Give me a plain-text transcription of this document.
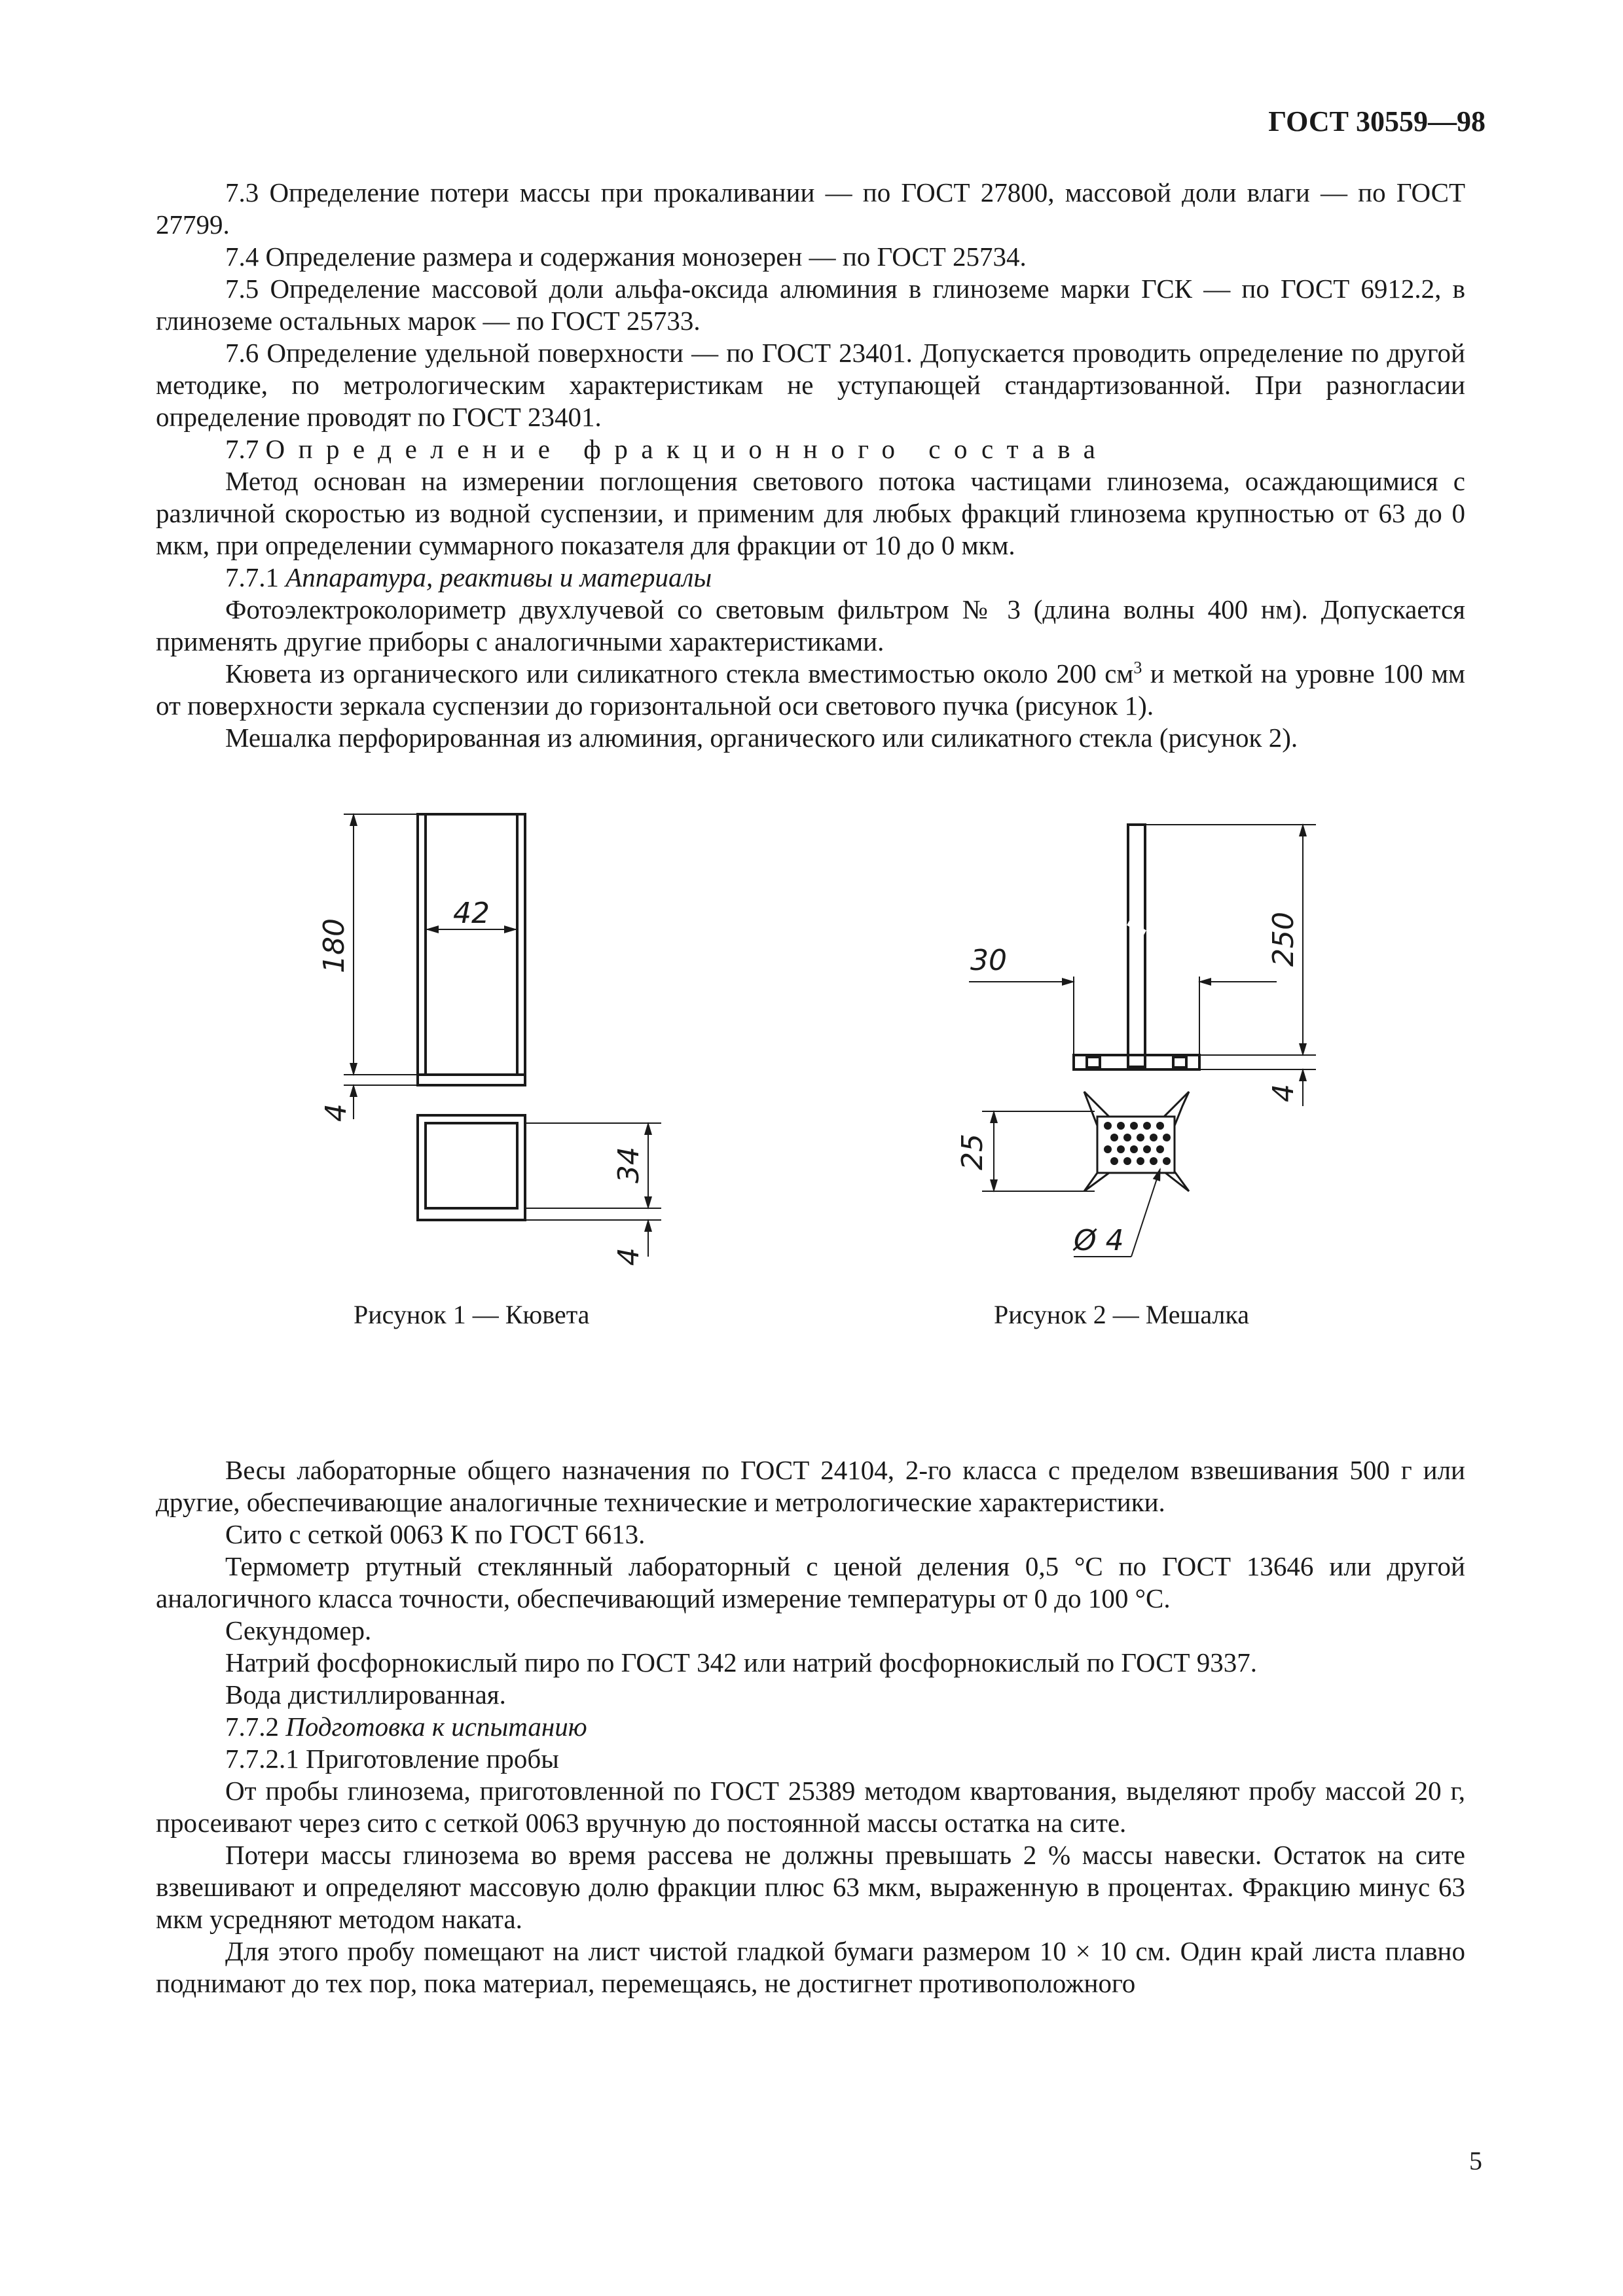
ГОСТ 30559—98

7.3 Определение потери массы при прокаливании — по ГОСТ 27800, массовой доли влаги — по ГОСТ 27799.

7.4 Определение размера и содержания монозерен — по ГОСТ 25734.

7.5 Определение массовой доли альфа-оксида алюминия в глиноземе марки ГСК — по ГОСТ 6912.2, в глиноземе остальных марок — по ГОСТ 25733.

7.6 Определение удельной поверхности — по ГОСТ 23401. Допускается проводить определение по другой методике, по метрологическим характеристикам не уступающей стандартизованной. При разногласии определение проводят по ГОСТ 23401.

7.7 Определение фракционного состава

Метод основан на измерении поглощения светового потока частицами глинозема, осаждающимися с различной скоростью из водной суспензии, и применим для любых фракций глинозема крупностью от 63 до 0 мкм, при определении суммарного показателя для фракции от 10 до 0 мкм.

7.7.1 Аппаратура, реактивы и материалы

Фотоэлектроколориметр двухлучевой со световым фильтром № 3 (длина волны 400 нм). Допускается применять другие приборы с аналогичными характеристиками.

Кювета из органического или силикатного стекла вместимостью около 200 $см^3$ и меткой на уровне 100 мм от поверхности зеркала суспензии до горизонтальной оси светового пучка (рисунок 1).

Мешалка перфорированная из алюминия, органического или силикатного стекла (рисунок 2).

180
42
4
34
4
30	250
4
25
Ø 4
Рисунок 1 — Кювета	Рисунок 2 — Мешалка

Весы лабораторные общего назначения по ГОСТ 24104, 2-го класса с пределом взвешивания 500 г или другие, обеспечивающие аналогичные технические и метрологические характеристики.

Сито с сеткой 0063 К по ГОСТ 6613.

Термометр ртутный стеклянный лабораторный с ценой деления 0,5 °С по ГОСТ 13646 или другой аналогичного класса точности, обеспечивающий измерение температуры от 0 до 100 °С.

Секундомер.

Натрий фосфорнокислый пиро по ГОСТ 342 или натрий фосфорнокислый по ГОСТ 9337.

Вода дистиллированная.

7.7.2 Подготовка к испытанию

7.7.2.1 Приготовление пробы

От пробы глинозема, приготовленной по ГОСТ 25389 методом квартования, выделяют пробу массой 20 г, просеивают через сито с сеткой 0063 вручную до постоянной массы остатка на сите.

Потери массы глинозема во время рассева не должны превышать 2 % массы навески. Остаток на сите взвешивают и определяют массовую долю фракции плюс 63 мкм, выраженную в процентах. Фракцию минус 63 мкм усредняют методом наката.

Для этого пробу помещают на лист чистой гладкой бумаги размером 10 × 10 см. Один край листа плавно поднимают до тех пор, пока материал, перемещаясь, не достигнет противоположного

5
